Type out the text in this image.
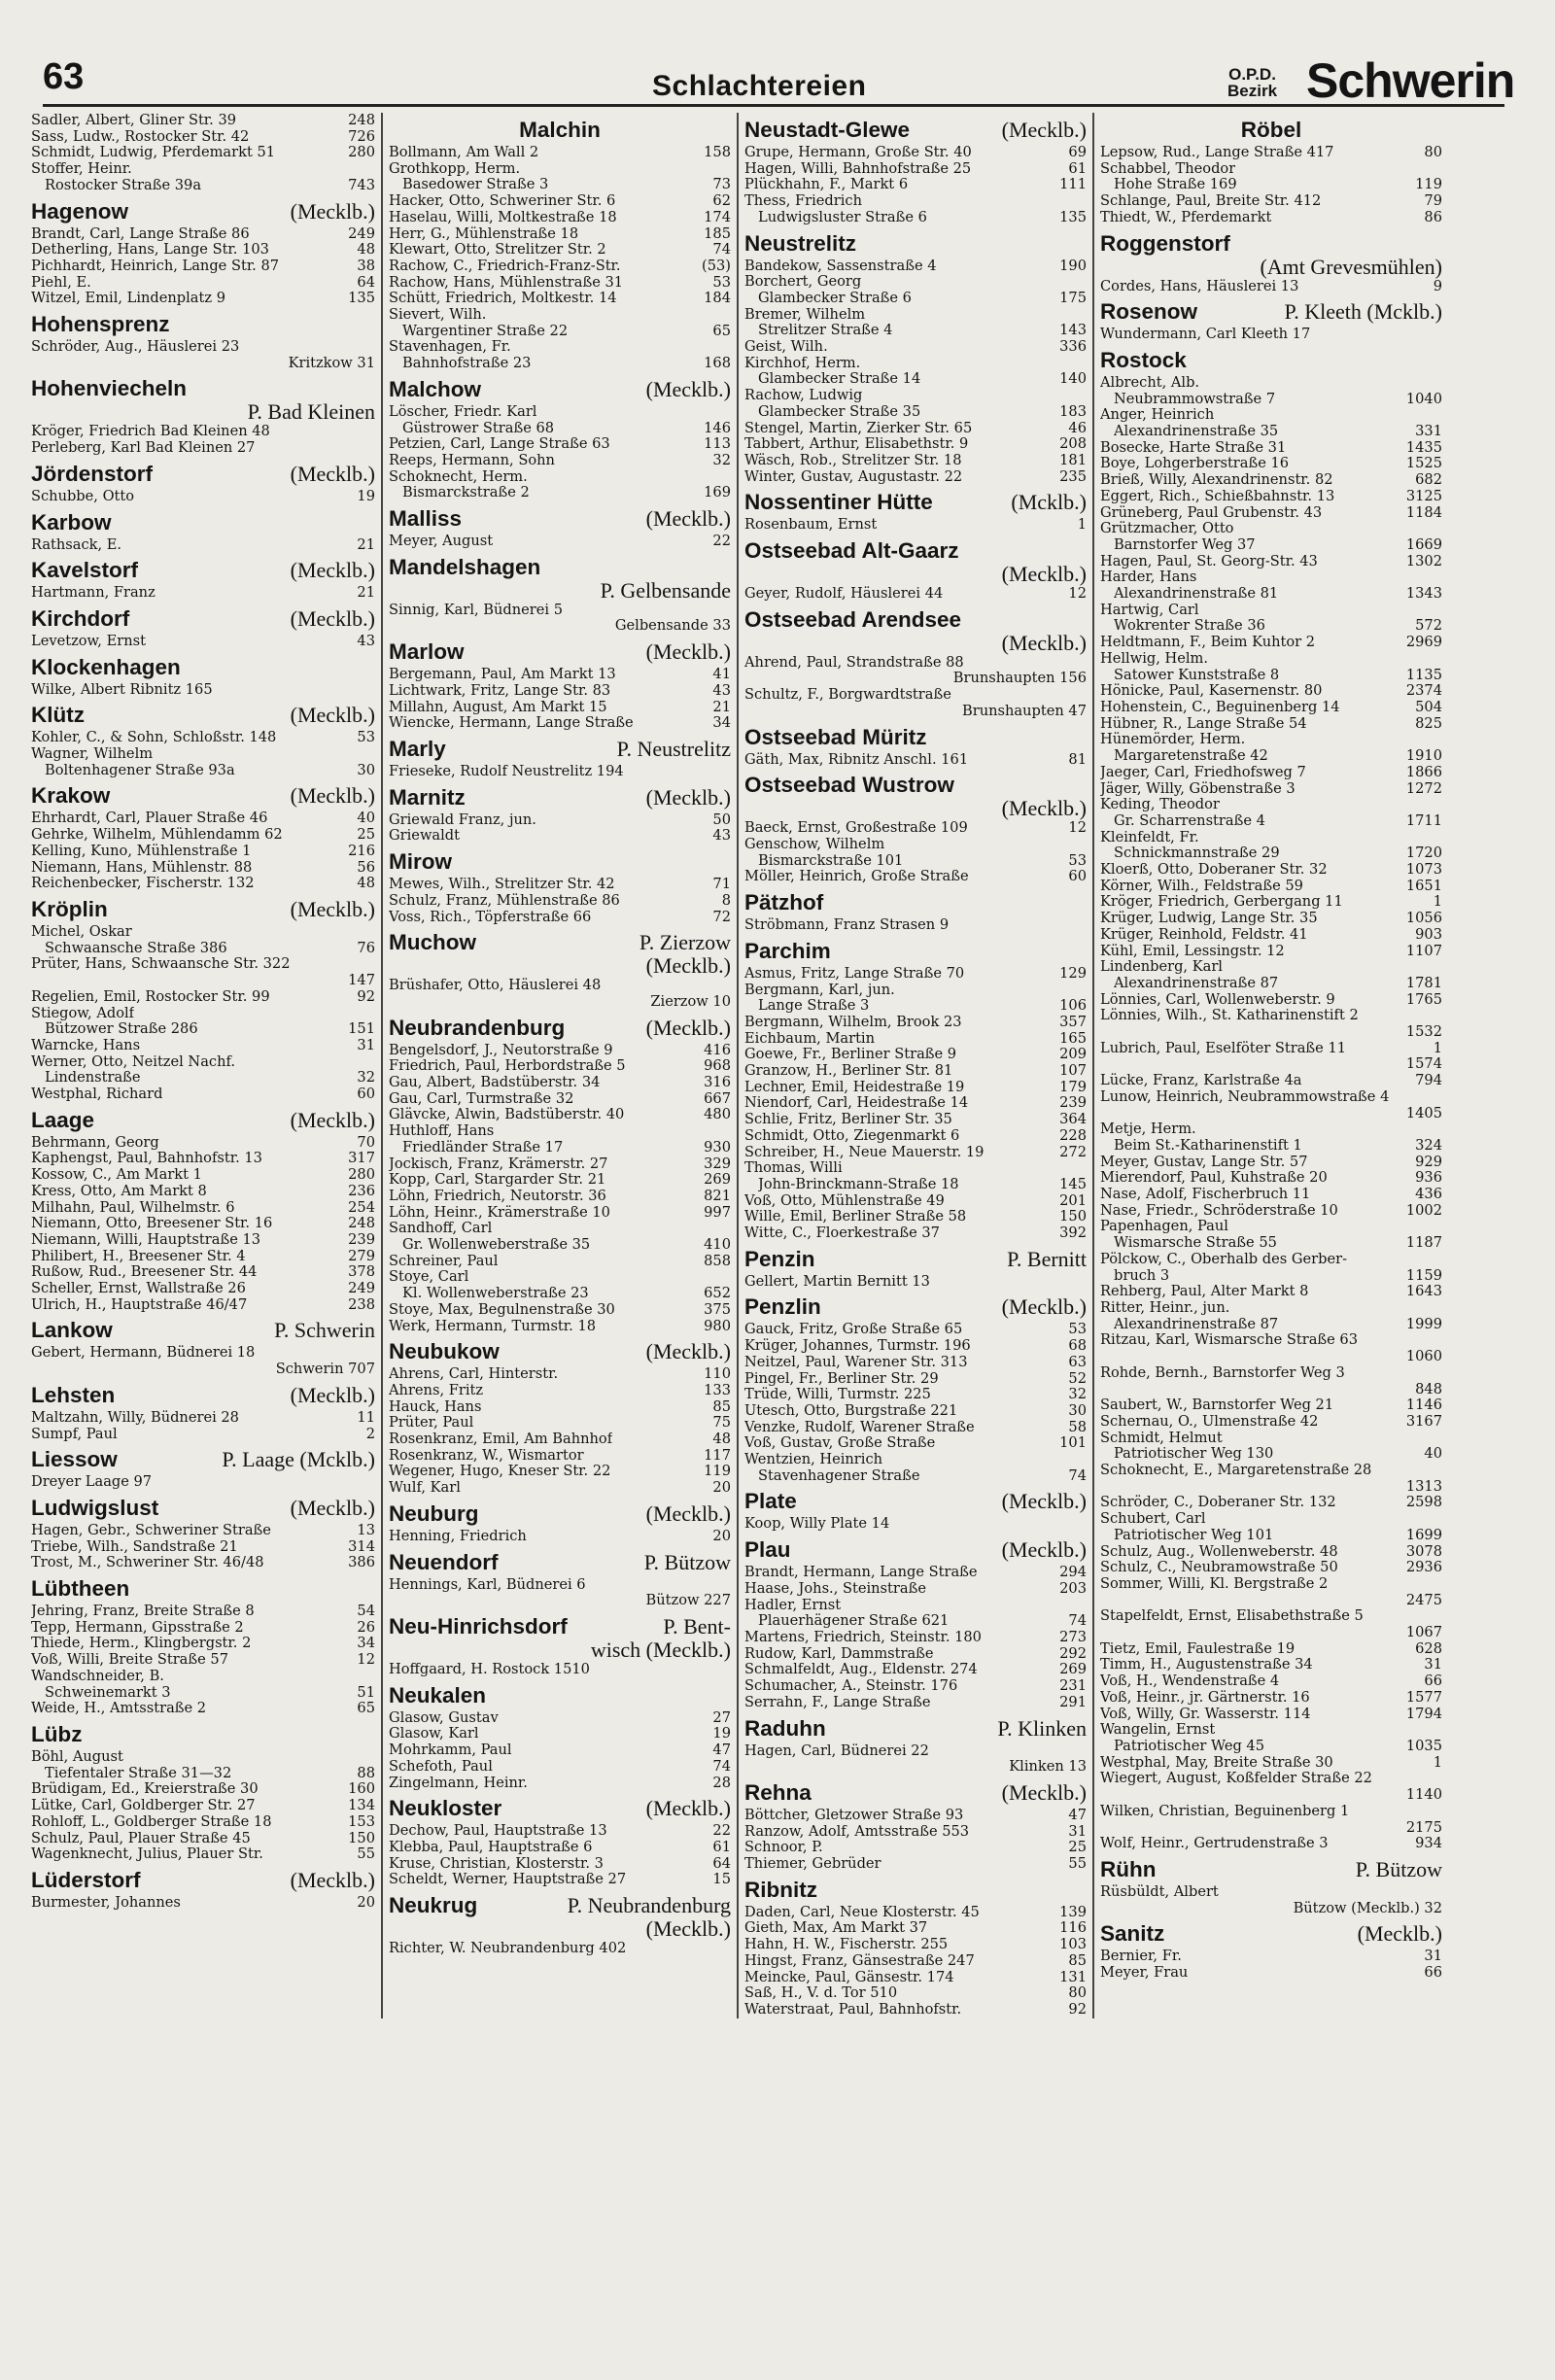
63	Schlachtereien	O.P.D.
Bezirk Schwerin
Sadler, Albert, Gliner Str. 39	248
Sass, Ludw., Rostocker Str. 42	726
Schmidt, Ludwig, Pferdemarkt 51	280
Stoffer, Heinr.
Rostocker Straße 39a	743
Hagenow	(Mecklb.)
Brandt, Carl, Lange Straße 86	249
Detherling, Hans, Lange Str. 103	48
Pichhardt, Heinrich, Lange Str. 87	38
Piehl, E.	64
Witzel, Emil, Lindenplatz 9	135
Hohensprenz
Schröder, Aug., Häuslerei 23
Kritzkow 31
Hohenviecheln
P. Bad Kleinen
Kröger, Friedrich Bad Kleinen 48
Perleberg, Karl Bad Kleinen 27
Jördenstorf	(Mecklb.)
Schubbe, Otto	19
Karbow
Rathsack, E.	21
Kavelstorf	(Mecklb.)
Hartmann, Franz	21
Kirchdorf	(Mecklb.)
Levetzow, Ernst	43
Klockenhagen
Wilke, Albert Ribnitz 165
Klütz	(Mecklb.)
Kohler, C., & Sohn, Schloßstr. 148	53
Wagner, Wilhelm
Boltenhagener Straße 93a	30
Krakow	(Mecklb.)
Ehrhardt, Carl, Plauer Straße 46	40
Gehrke, Wilhelm, Mühlendamm 62	25
Kelling, Kuno, Mühlenstraße 1	216
Niemann, Hans, Mühlenstr. 88	56
Reichenbecker, Fischerstr. 132	48
Kröplin	(Mecklb.)
Michel, Oskar
Schwaansche Straße 386	76
Prüter, Hans, Schwaansche Str. 322
147
Regelien, Emil, Rostocker Str. 99	92
Stiegow, Adolf
Bützower Straße 286	151
Warncke, Hans	31
Werner, Otto, Neitzel Nachf.
Lindenstraße	32
Westphal, Richard	60
Laage	(Mecklb.)
Behrmann, Georg	70
Kaphengst, Paul, Bahnhofstr. 13	317
Kossow, C., Am Markt 1	280
Kress, Otto, Am Markt 8	236
Milhahn, Paul, Wilhelmstr. 6	254
Niemann, Otto, Breesener Str. 16	248
Niemann, Willi, Hauptstraße 13	239
Philibert, H., Breesener Str. 4	279
Rußow, Rud., Breesener Str. 44	378
Scheller, Ernst, Wallstraße 26	249
Ulrich, H., Hauptstraße 46/47	238
Lankow	P. Schwerin
Gebert, Hermann, Büdnerei 18
Schwerin 707
Lehsten	(Mecklb.)
Maltzahn, Willy, Büdnerei 28	11
Sumpf, Paul	2
Liessow	P. Laage (Mcklb.)
Dreyer Laage 97
Ludwigslust	(Mecklb.)
Hagen, Gebr., Schweriner Straße	13
Triebe, Wilh., Sandstraße 21	314
Trost, M., Schweriner Str. 46/48	386
Lübtheen
Jehring, Franz, Breite Straße 8	54
Tepp, Hermann, Gipsstraße 2	26
Thiede, Herm., Klingbergstr. 2	34
Voß, Willi, Breite Straße 57	12
Wandschneider, B.
Schweinemarkt 3	51
Weide, H., Amtsstraße 2	65
Lübz
Böhl, August
Tiefentaler Straße 31—32	88
Brüdigam, Ed., Kreierstraße 30	160
Lütke, Carl, Goldberger Str. 27	134
Rohloff, L., Goldberger Straße 18	153
Schulz, Paul, Plauer Straße 45	150
Wagenknecht, Julius, Plauer Str.	55
Lüderstorf	(Mecklb.)
Burmester, Johannes	20
Malchin
Bollmann, Am Wall 2	158
Grothkopp, Herm.
Basedower Straße 3	73
Hacker, Otto, Schweriner Str. 6	62
Haselau, Willi, Moltkestraße 18	174
Herr, G., Mühlenstraße 18	185
Klewart, Otto, Strelitzer Str. 2	74
Rachow, C., Friedrich-Franz-Str.	(53)
Rachow, Hans, Mühlenstraße 31	53
Schütt, Friedrich, Moltkestr. 14	184
Sievert, Wilh.
Wargentiner Straße 22	65
Stavenhagen, Fr.
Bahnhofstraße 23	168
Malchow	(Mecklb.)
Löscher, Friedr. Karl
Güstrower Straße 68	146
Petzien, Carl, Lange Straße 63	113
Reeps, Hermann, Sohn	32
Schoknecht, Herm.
Bismarckstraße 2	169
Malliss	(Mecklb.)
Meyer, August	22
Mandelshagen
P. Gelbensande
Sinnig, Karl, Büdnerei 5
Gelbensande 33
Marlow	(Mecklb.)
Bergemann, Paul, Am Markt 13	41
Lichtwark, Fritz, Lange Str. 83	43
Millahn, August, Am Markt 15	21
Wiencke, Hermann, Lange Straße	34
Marly	P. Neustrelitz
Frieseke, Rudolf Neustrelitz 194
Marnitz	(Mecklb.)
Griewald Franz, jun.	50
Griewaldt	43
Mirow
Mewes, Wilh., Strelitzer Str. 42	71
Schulz, Franz, Mühlenstraße 86	8
Voss, Rich., Töpferstraße 66	72
Muchow	P. Zierzow
(Mecklb.)
Brüshafer, Otto, Häuslerei 48
Zierzow 10
Neubrandenburg	(Mecklb.)
Bengelsdorf, J., Neutorstraße 9	416
Friedrich, Paul, Herbordstraße 5	968
Gau, Albert, Badstüberstr. 34	316
Gau, Carl, Turmstraße 32	667
Glävcke, Alwin, Badstüberstr. 40	480
Huthloff, Hans
Friedländer Straße 17	930
Jockisch, Franz, Krämerstr. 27	329
Kopp, Carl, Stargarder Str. 21	269
Löhn, Friedrich, Neutorstr. 36	821
Löhn, Heinr., Krämerstraße 10	997
Sandhoff, Carl
Gr. Wollenweberstraße 35	410
Schreiner, Paul	858
Stoye, Carl
Kl. Wollenweberstraße 23	652
Stoye, Max, Begulnenstraße 30	375
Werk, Hermann, Turmstr. 18	980
Neubukow	(Mecklb.)
Ahrens, Carl, Hinterstr.	110
Ahrens, Fritz	133
Hauck, Hans	85
Prüter, Paul	75
Rosenkranz, Emil, Am Bahnhof	48
Rosenkranz, W., Wismartor	117
Wegener, Hugo, Kneser Str. 22	119
Wulf, Karl	20
Neuburg	(Mecklb.)
Henning, Friedrich	20
Neuendorf	P. Bützow
Hennings, Karl, Büdnerei 6
Bützow 227
Neu-Hinrichsdorf	P. Bent-
wisch (Mecklb.)
Hoffgaard, H. Rostock 1510
Neukalen
Glasow, Gustav	27
Glasow, Karl	19
Mohrkamm, Paul	47
Schefoth, Paul	74
Zingelmann, Heinr.	28
Neukloster	(Mecklb.)
Dechow, Paul, Hauptstraße 13	22
Klebba, Paul, Hauptstraße 6	61
Kruse, Christian, Klosterstr. 3	64
Scheldt, Werner, Hauptstraße 27	15
Neukrug	P. Neubrandenburg
(Mecklb.)
Richter, W. Neubrandenburg 402
Neustadt-Glewe	(Mecklb.)
Grupe, Hermann, Große Str. 40	69
Hagen, Willi, Bahnhofstraße 25	61
Plückhahn, F., Markt 6	111
Thess, Friedrich
Ludwigsluster Straße 6	135
Neustrelitz
Bandekow, Sassenstraße 4	190
Borchert, Georg
Glambecker Straße 6	175
Bremer, Wilhelm
Strelitzer Straße 4	143
Geist, Wilh.	336
Kirchhof, Herm.
Glambecker Straße 14	140
Rachow, Ludwig
Glambecker Straße 35	183
Stengel, Martin, Zierker Str. 65	46
Tabbert, Arthur, Elisabethstr. 9	208
Wäsch, Rob., Strelitzer Str. 18	181
Winter, Gustav, Augustastr. 22	235
Nossentiner Hütte	(Mcklb.)
Rosenbaum, Ernst	1
Ostseebad Alt-Gaarz
(Mecklb.)
Geyer, Rudolf, Häuslerei 44	12
Ostseebad Arendsee
(Mecklb.)
Ahrend, Paul, Strandstraße 88
Brunshaupten 156
Schultz, F., Borgwardtstraße
Brunshaupten 47
Ostseebad Müritz
Gäth, Max, Ribnitz Anschl. 161	81
Ostseebad Wustrow
(Mecklb.)
Baeck, Ernst, Großestraße 109	12
Genschow, Wilhelm
Bismarckstraße 101	53
Möller, Heinrich, Große Straße	60
Pätzhof
Ströbmann, Franz Strasen 9
Parchim
Asmus, Fritz, Lange Straße 70	129
Bergmann, Karl, jun.
Lange Straße 3	106
Bergmann, Wilhelm, Brook 23	357
Eichbaum, Martin	165
Goewe, Fr., Berliner Straße 9	209
Granzow, H., Berliner Str. 81	107
Lechner, Emil, Heidestraße 19	179
Niendorf, Carl, Heidestraße 14	239
Schlie, Fritz, Berliner Str. 35	364
Schmidt, Otto, Ziegenmarkt 6	228
Schreiber, H., Neue Mauerstr. 19	272
Thomas, Willi
John-Brinckmann-Straße 18	145
Voß, Otto, Mühlenstraße 49	201
Wille, Emil, Berliner Straße 58	150
Witte, C., Floerkestraße 37	392
Penzin	P. Bernitt
Gellert, Martin Bernitt 13
Penzlin	(Mecklb.)
Gauck, Fritz, Große Straße 65	53
Krüger, Johannes, Turmstr. 196	68
Neitzel, Paul, Warener Str. 313	63
Pingel, Fr., Berliner Str. 29	52
Trüde, Willi, Turmstr. 225	32
Utesch, Otto, Burgstraße 221	30
Venzke, Rudolf, Warener Straße	58
Voß, Gustav, Große Straße	101
Wentzien, Heinrich
Stavenhagener Straße	74
Plate	(Mecklb.)
Koop, Willy Plate 14
Plau	(Mecklb.)
Brandt, Hermann, Lange Straße	294
Haase, Johs., Steinstraße	203
Hadler, Ernst
Plauerhägener Straße 621	74
Martens, Friedrich, Steinstr. 180	273
Rudow, Karl, Dammstraße	292
Schmalfeldt, Aug., Eldenstr. 274	269
Schumacher, A., Steinstr. 176	231
Serrahn, F., Lange Straße	291
Raduhn	P. Klinken
Hagen, Carl, Büdnerei 22
Klinken 13
Rehna	(Mecklb.)
Böttcher, Gletzower Straße 93	47
Ranzow, Adolf, Amtsstraße 553	31
Schnoor, P.	25
Thiemer, Gebrüder	55
Ribnitz
Daden, Carl, Neue Klosterstr. 45	139
Gieth, Max, Am Markt 37	116
Hahn, H. W., Fischerstr. 255	103
Hingst, Franz, Gänsestraße 247	85
Meincke, Paul, Gänsestr. 174	131
Saß, H., V. d. Tor 510	80
Waterstraat, Paul, Bahnhofstr.	92
Röbel
Lepsow, Rud., Lange Straße 417	80
Schabbel, Theodor
Hohe Straße 169	119
Schlange, Paul, Breite Str. 412	79
Thiedt, W., Pferdemarkt	86
Roggenstorf
(Amt Grevesmühlen)
Cordes, Hans, Häuslerei 13	9
Rosenow	P. Kleeth (Mcklb.)
Wundermann, Carl Kleeth 17
Rostock
Albrecht, Alb.
Neubrammowstraße 7	1040
Anger, Heinrich
Alexandrinenstraße 35	331
Bosecke, Harte Straße 31	1435
Boye, Lohgerberstraße 16	1525
Brieß, Willy, Alexandrinenstr. 82	682
Eggert, Rich., Schießbahnstr. 13	3125
Grüneberg, Paul Grubenstr. 43	1184
Grützmacher, Otto
Barnstorfer Weg 37	1669
Hagen, Paul, St. Georg-Str. 43	1302
Harder, Hans
Alexandrinenstraße 81	1343
Hartwig, Carl
Wokrenter Straße 36	572
Heldtmann, F., Beim Kuhtor 2	2969
Hellwig, Helm.
Satower Kunststraße 8	1135
Hönicke, Paul, Kasernenstr. 80	2374
Hohenstein, C., Beguinenberg 14	504
Hübner, R., Lange Straße 54	825
Hünemörder, Herm.
Margaretenstraße 42	1910
Jaeger, Carl, Friedhofsweg 7	1866
Jäger, Willy, Göbenstraße 3	1272
Keding, Theodor
Gr. Scharrenstraße 4	1711
Kleinfeldt, Fr.
Schnickmannstraße 29	1720
Kloerß, Otto, Doberaner Str. 32	1073
Körner, Wilh., Feldstraße 59	1651
Kröger, Friedrich, Gerbergang 11	1
Krüger, Ludwig, Lange Str. 35	1056
Krüger, Reinhold, Feldstr. 41	903
Kühl, Emil, Lessingstr. 12	1107
Lindenberg, Karl
Alexandrinenstraße 87	1781
Lönnies, Carl, Wollenweberstr. 9	1765
Lönnies, Wilh., St. Katharinenstift 2
1532
Lubrich, Paul, Eselföter Straße 11	1
1574
Lücke, Franz, Karlstraße 4a	794
Lunow, Heinrich, Neubrammowstraße 4
1405
Metje, Herm.
Beim St.-Katharinenstift 1	324
Meyer, Gustav, Lange Str. 57	929
Mierendorf, Paul, Kuhstraße 20	936
Nase, Adolf, Fischerbruch 11	436
Nase, Friedr., Schröderstraße 10	1002
Papenhagen, Paul
Wismarsche Straße 55	1187
Pölckow, C., Oberhalb des Gerber-
bruch 3	1159
Rehberg, Paul, Alter Markt 8	1643
Ritter, Heinr., jun.
Alexandrinenstraße 87	1999
Ritzau, Karl, Wismarsche Straße 63
1060
Rohde, Bernh., Barnstorfer Weg 3
848
Saubert, W., Barnstorfer Weg 21	1146
Schernau, O., Ulmenstraße 42	3167
Schmidt, Helmut
Patriotischer Weg 130	40
Schoknecht, E., Margaretenstraße 28
1313
Schröder, C., Doberaner Str. 132	2598
Schubert, Carl
Patriotischer Weg 101	1699
Schulz, Aug., Wollenweberstr. 48	3078
Schulz, C., Neubramowstraße 50	2936
Sommer, Willi, Kl. Bergstraße 2
2475
Stapelfeldt, Ernst, Elisabethstraße 5
1067
Tietz, Emil, Faulestraße 19	628
Timm, H., Augustenstraße 34	31
Voß, H., Wendenstraße 4	66
Voß, Heinr., jr. Gärtnerstr. 16	1577
Voß, Willy, Gr. Wasserstr. 114	1794
Wangelin, Ernst
Patriotischer Weg 45	1035
Westphal, May, Breite Straße 30	1
Wiegert, August, Koßfelder Straße 22
1140
Wilken, Christian, Beguinenberg 1
2175
Wolf, Heinr., Gertrudenstraße 3	934
Rühn	P. Bützow
Rüsbüldt, Albert
Bützow (Mecklb.) 32
Sanitz	(Mecklb.)
Bernier, Fr.	31
Meyer, Frau	66
